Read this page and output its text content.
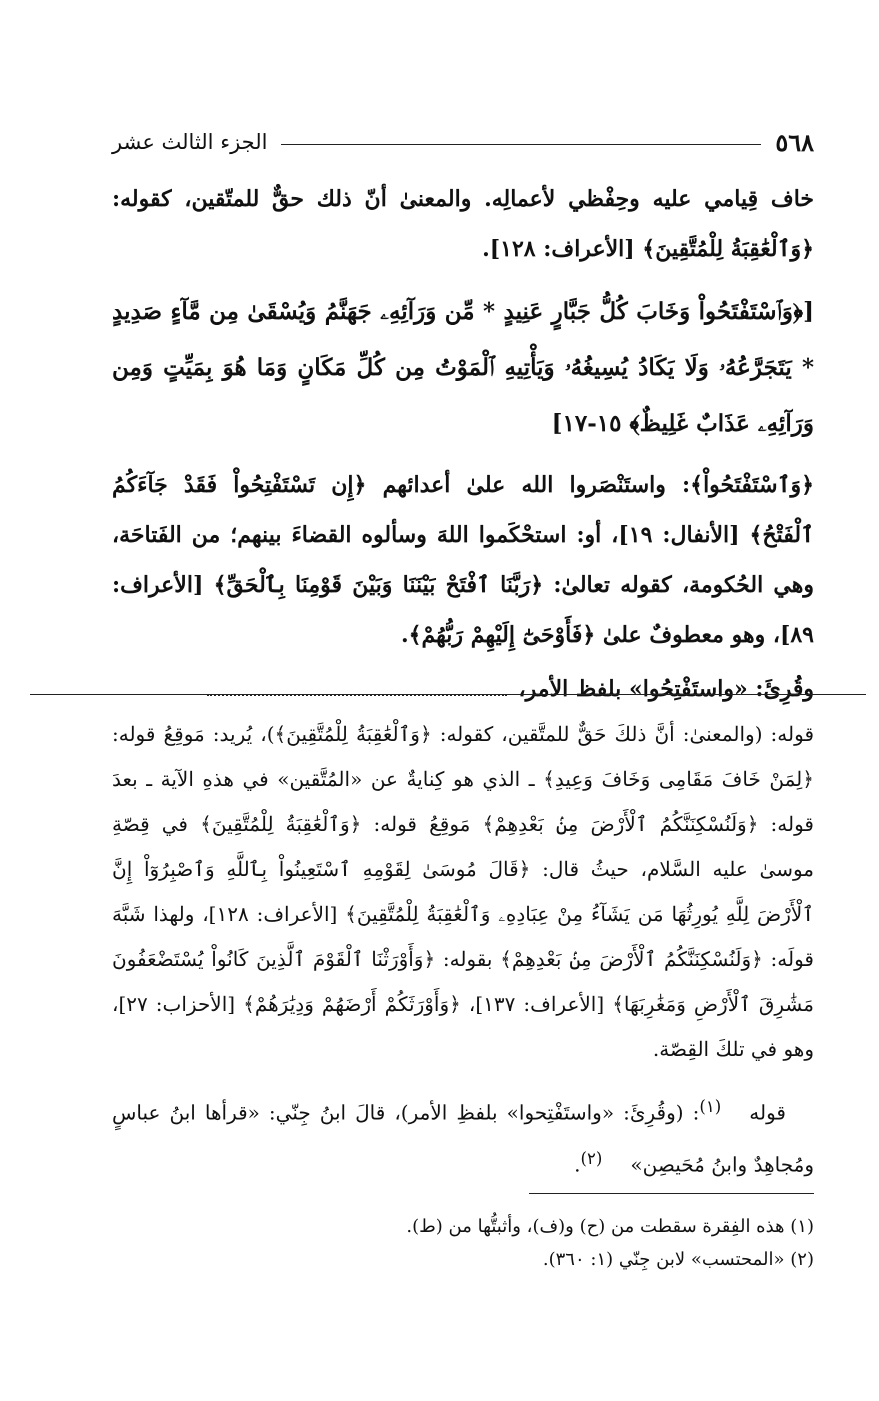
٥٦٨
الجزء الثالث عشر

خاف قِيامي عليه وحِفْظي لأعمالِه. والمعنىٰ أنّ ذلك حقٌّ للمتّقين، كقوله: ﴿وَٱلْعَٰقِبَةُ لِلْمُتَّقِينَ﴾ [الأعراف: ١٢٨].

[﴿وَٱسْتَفْتَحُواْ وَخَابَ كُلُّ جَبَّارٍ عَنِيدٍ * مِّن وَرَآئِهِۦ جَهَنَّمُ وَيُسْقَىٰ مِن مَّآءٍ صَدِيدٍ * يَتَجَرَّعُهُۥ وَلَا يَكَادُ يُسِيغُهُۥ وَيَأْتِيهِ ٱلْمَوْتُ مِن كُلِّ مَكَانٍ وَمَا هُوَ بِمَيِّتٍ وَمِن وَرَآئِهِۦ عَذَابٌ غَلِيظٌ﴾ ١٥-١٧]

﴿وَٱسْتَفْتَحُواْ﴾: واستَنْصَروا الله علىٰ أعدائهم ﴿إِن تَسْتَفْتِحُواْ فَقَدْ جَآءَكُمُ ٱلْفَتْحُ﴾ [الأنفال: ١٩]، أو: استحْكَموا اللهَ وسألوه القضاءَ بينهم؛ من الفَتاحَة، وهي الحُكومة، كقوله تعالىٰ: ﴿رَبَّنَا ٱفْتَحْ بَيْنَنَا وَبَيْنَ قَوْمِنَا بِٱلْحَقِّ﴾ [الأعراف: ٨٩]، وهو معطوفٌ علىٰ ﴿فَأَوْحَىٰٓ إِلَيْهِمْ رَبُّهُمْ﴾.

وقُرِئَ: «واستَفْتِحُوا» بلفظ الأمر،

قوله: (والمعنىٰ: أنَّ ذلكَ حَقٌّ للمتَّقين، كقوله: ﴿وَٱلْعَٰقِبَةُ لِلْمُتَّقِينَ﴾)، يُريد: مَوقِعُ قوله: ﴿لِمَنْ خَافَ مَقَامِى وَخَافَ وَعِيدِ﴾ ـ الذي هو كِنايةٌ عن «المُتَّقين» في هذهِ الآية ـ بعدَ قوله: ﴿وَلَنُسْكِنَنَّكُمُ ٱلْأَرْضَ مِنۢ بَعْدِهِمْ﴾ مَوقِعُ قوله: ﴿وَٱلْعَٰقِبَةُ لِلْمُتَّقِينَ﴾ في قِصّةِ موسىٰ عليه السَّلام، حيثُ قال: ﴿قَالَ مُوسَىٰ لِقَوْمِهِ ٱسْتَعِينُواْ بِٱللَّهِ وَٱصْبِرُوٓاْ إِنَّ ٱلْأَرْضَ لِلَّهِ يُورِثُهَا مَن يَشَآءُ مِنْ عِبَادِهِۦ وَٱلْعَٰقِبَةُ لِلْمُتَّقِينَ﴾ [الأعراف: ١٢٨]، ولهذا شَبَّهَ قولَه: ﴿وَلَنُسْكِنَنَّكُمُ ٱلْأَرْضَ مِنۢ بَعْدِهِمْ﴾ بقوله: ﴿وَأَوْرَثْنَا ٱلْقَوْمَ ٱلَّذِينَ كَانُواْ يُسْتَضْعَفُونَ مَشَٰرِقَ ٱلْأَرْضِ وَمَغَٰرِبَهَا﴾ [الأعراف: ١٣٧]، ﴿وَأَوْرَثَكُمْ أَرْضَهُمْ وَدِيَٰرَهُمْ﴾ [الأحزاب: ٢٧]، وهو في تلكَ القِصّة.

قوله$^{(١)}$: (وقُرِئَ: «واستَفْتِحوا» بلفظِ الأمر)، قالَ ابنُ جِنّي: «قرأها ابنُ عباسٍ ومُجاهِدٌ وابنُ مُحَيصِن»$^{(٢)}$.

(١) هذه الفِقرة سقطت من (ح) و(ف)، وأثبتُّها من (ط).

(٢) «المحتسب» لابن جِنّي (١: ٣٦٠).
